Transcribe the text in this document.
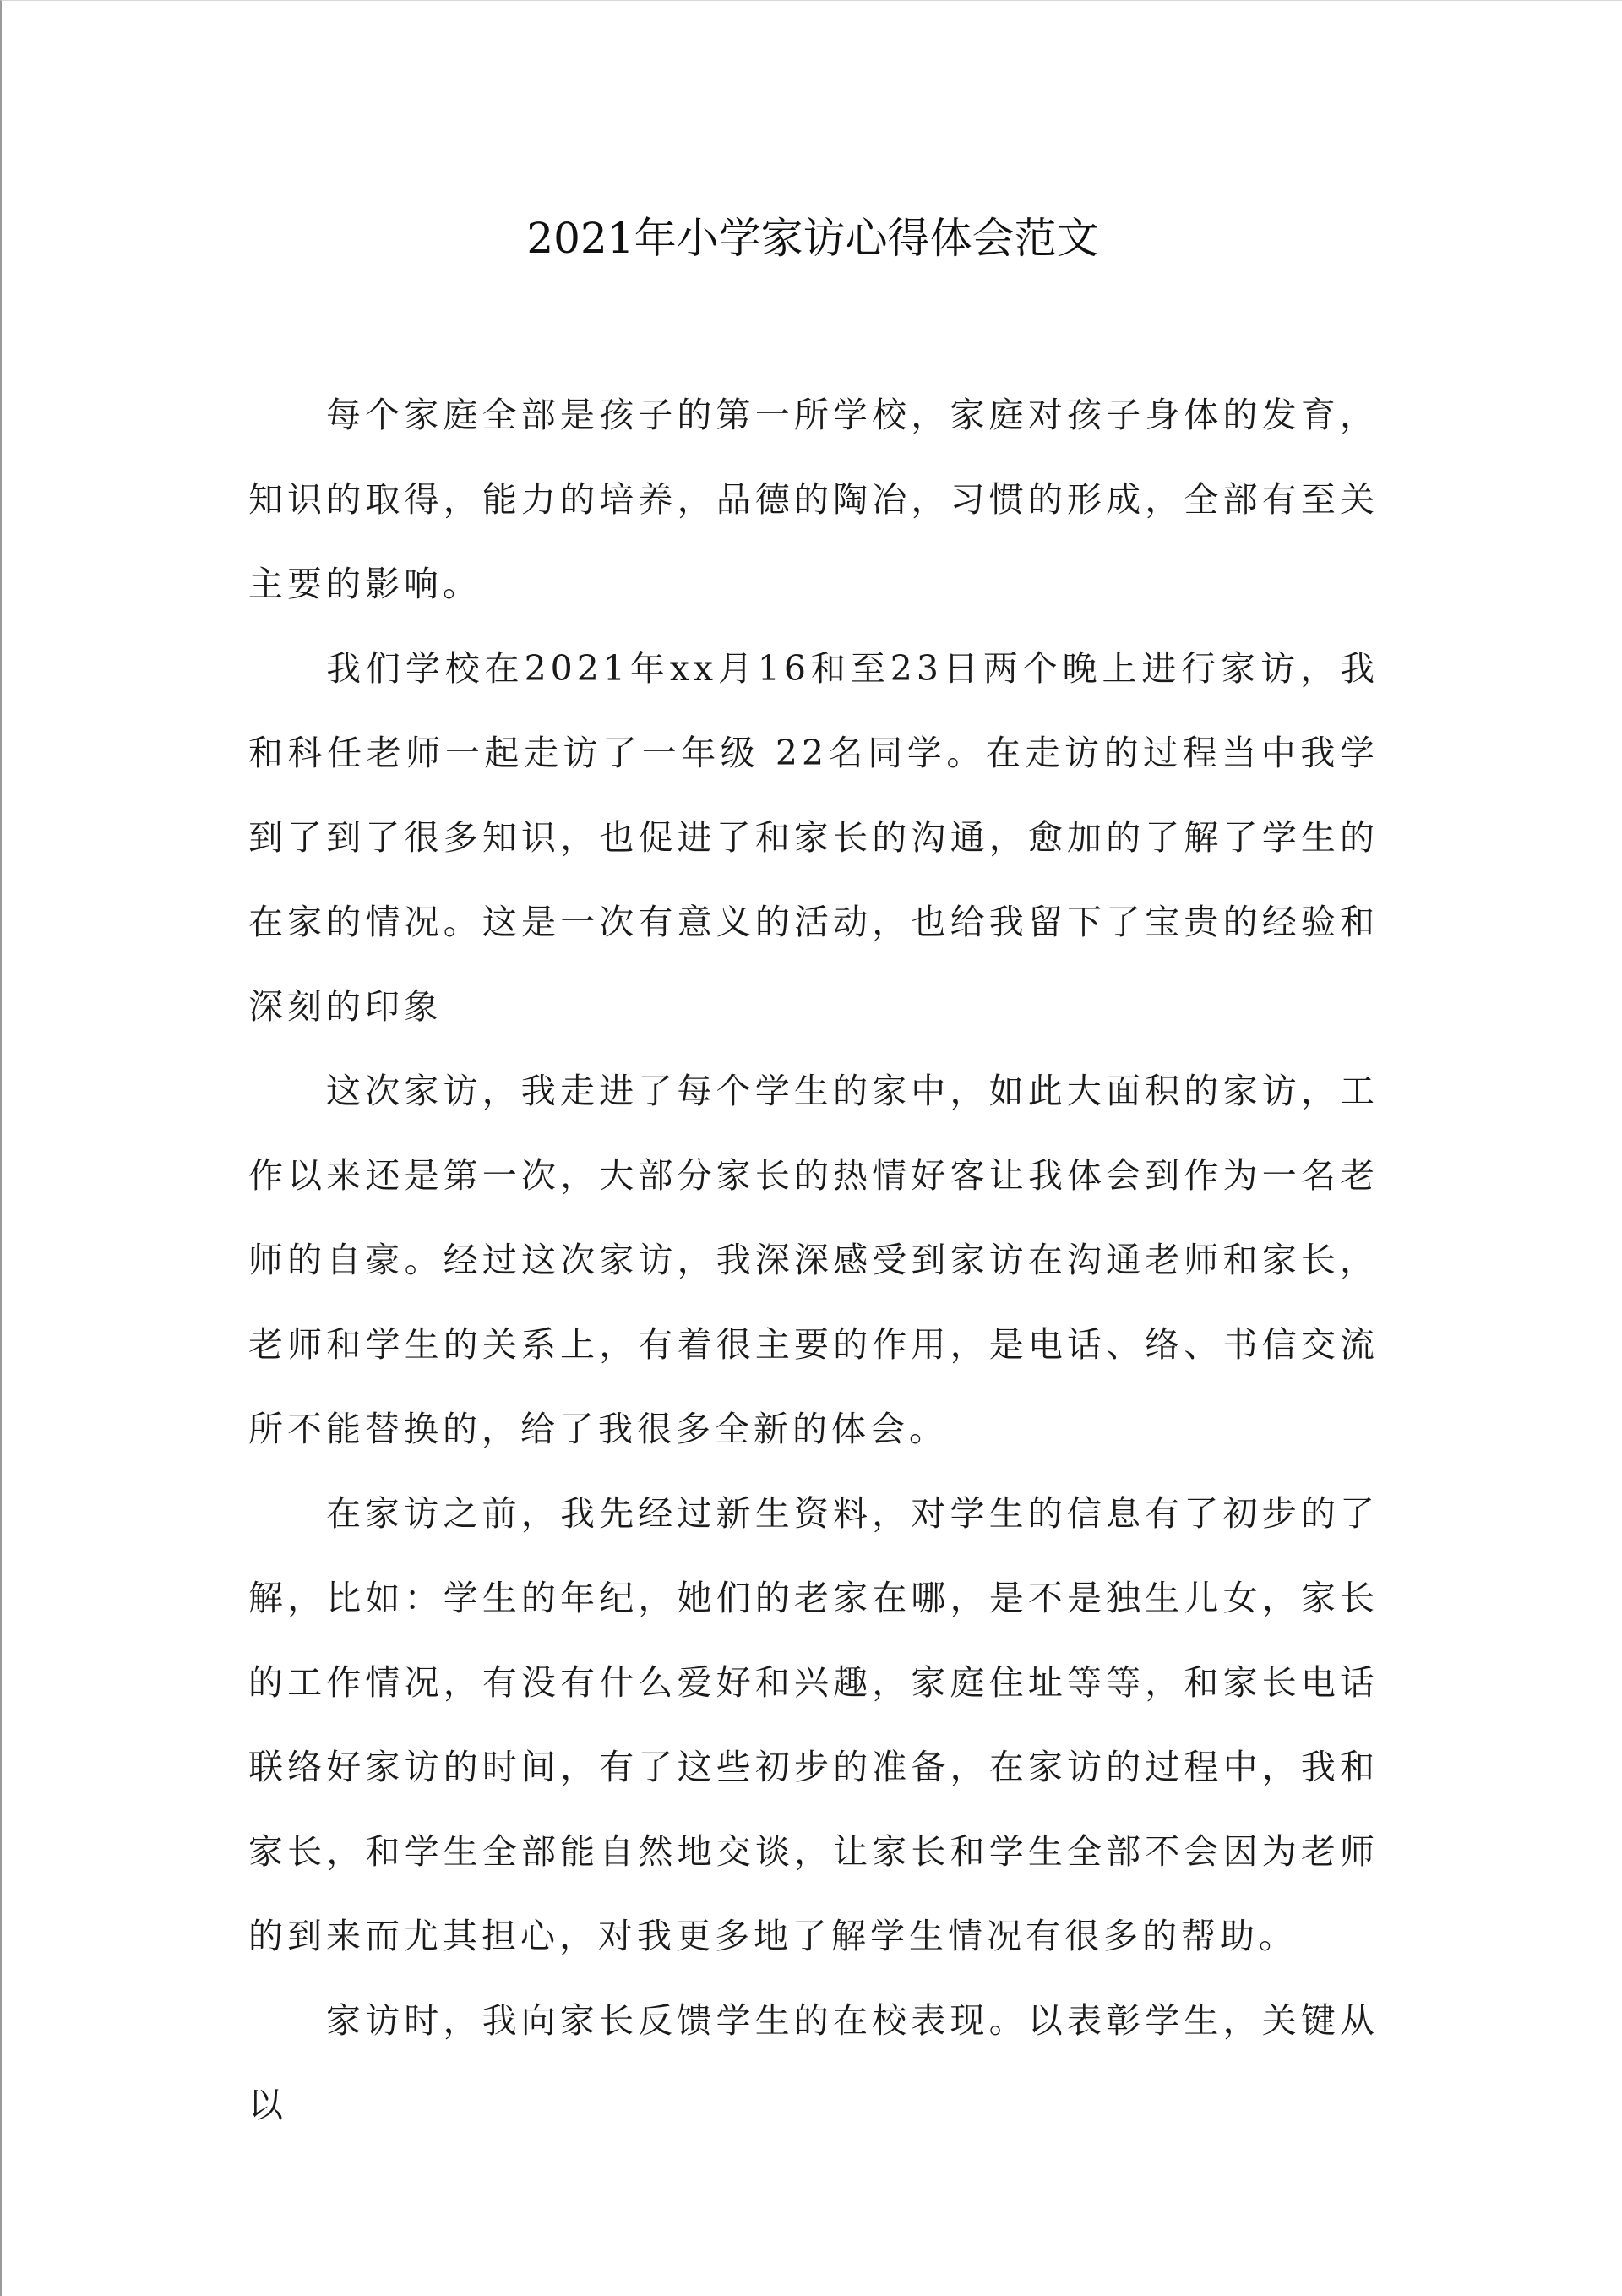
2021年小学家访心得体会范文

每个家庭全部是孩子的第一所学校，家庭对孩子身体的发育，知识的取得，能力的培养，品德的陶冶，习惯的形成，全部有至关主要的影响。

我们学校在2021年xx月16和至23日两个晚上进行家访，我和科任老师一起走访了一年级 22名同学。在走访的过程当中我学到了到了很多知识，也促进了和家长的沟通，愈加的了解了学生的在家的情况。这是一次有意义的活动，也给我留下了宝贵的经验和深刻的印象

这次家访，我走进了每个学生的家中，如此大面积的家访，工作以来还是第一次，大部分家长的热情好客让我体会到作为一名老师的自豪。经过这次家访，我深深感受到家访在沟通老师和家长，老师和学生的关系上，有着很主要的作用，是电话、络、书信交流所不能替换的，给了我很多全新的体会。

在家访之前，我先经过新生资料，对学生的信息有了初步的了解，比如：学生的年纪，她们的老家在哪，是不是独生儿女，家长的工作情况，有没有什么爱好和兴趣，家庭住址等等，和家长电话联络好家访的时间，有了这些初步的准备，在家访的过程中，我和家长，和学生全部能自然地交谈，让家长和学生全部不会因为老师的到来而尤其担心，对我更多地了解学生情况有很多的帮助。

家访时，我向家长反馈学生的在校表现。以表彰学生，关键从以
